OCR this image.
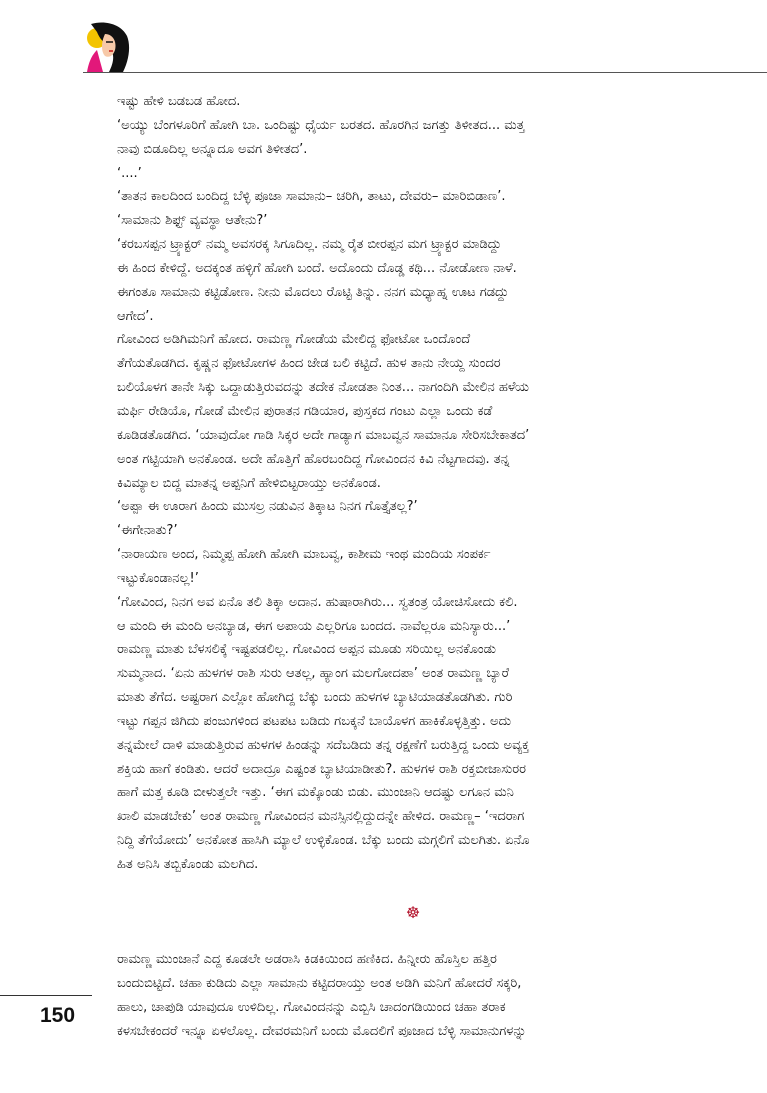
ಇಷ್ಟು ಹೇಳಿ ಬಡಬಡ ಹೋದ.
‘ಅಯ್ಯು ಬೆಂಗಳೂರಿಗೆ ಹೋಗಿ ಬಾ. ಒಂದಿಷ್ಟು ಧೈರ್ಯ ಬರತದ. ಹೊರಗಿನ ಜಗತ್ತು ತಿಳೀತದ... ಮತ್ತ
ನಾವು ಬಿಡೂದಿಲ್ಲ ಅನ್ನೂದೂ ಅವಗ ತಿಳೀತದ’.
‘....’
‘ತಾತನ ಕಾಲದಿಂದ ಬಂದಿದ್ದ ಬೆಳ್ಳಿ ಪೂಜಾ ಸಾಮಾನು– ಚರಿಗಿ, ತಾಟು, ದೇವರು– ಮಾರಿಬಿಡಾಣ’.
‘ಸಾಮಾನು ಶಿಫ್ಟ್ ವ್ಯವಸ್ಥಾ ಆತೇನು?’
‘ಕರಬಸಪ್ಪನ ಟ್ರ್ಯಾಕ್ಟರ್ ನಮ್ಮ ಅವಸರಕ್ಕ ಸಿಗೂದಿಲ್ಲ. ನಮ್ಮ ರೈತ ಬೀರಪ್ಪನ ಮಗ ಟ್ರ್ಯಾಕ್ಟರ ಮಾಡಿದ್ದು
ಈ ಹಿಂದ ಕೇಳಿದ್ದೆ. ಅದಕ್ಕಂತ ಹಳ್ಳಿಗೆ ಹೋಗಿ ಬಂದೆ. ಅದೊಂದು ದೊಡ್ಡ ಕಥಿ... ನೋಡೋಣ ನಾಳೆ.
ಈಗಂತೂ ಸಾಮಾನು ಕಟ್ಟಿಡೋಣ. ನೀನು ಮೊದಲು ರೊಟ್ಟಿ ತಿನ್ನು. ನನಗ ಮಧ್ಯಾಹ್ನ ಊಟ ಗಡದ್ದು
ಆಗೇದ’.
ಗೋವಿಂದ ಅಡಿಗಿಮನಿಗೆ ಹೋದ. ರಾಮಣ್ಣ ಗೋಡೆಯ ಮೇಲಿದ್ದ ಫೋಟೋ ಒಂದೊಂದೆ
ತೆಗೆಯತೊಡಗಿದ. ಕೃಷ್ಣನ ಫೋಟೋಗಳ ಹಿಂದ ಜೇಡ ಬಲಿ ಕಟ್ಟಿದೆ. ಹುಳ ತಾನು ನೇಯ್ದ ಸುಂದರ
ಬಲಿಯೊಳಗ ತಾನೇ ಸಿಕ್ಕು ಒದ್ದಾಡುತ್ತಿರುವದನ್ನು ತದೇಕ ನೋಡತಾ ನಿಂತ... ನಾಗಂದಿಗಿ ಮೇಲಿನ ಹಳೆಯ
ಮರ್ಫಿ ರೇಡಿಯೊ, ಗೋಡೆ ಮೇಲಿನ ಪುರಾತನ ಗಡಿಯಾರ, ಪುಸ್ತಕದ ಗಂಟು ಎಲ್ಲಾ ಒಂದು ಕಡೆ
ಕೂಡಿಡತೊಡಗಿದ. ‘ಯಾವುದೋ ಗಾಡಿ ಸಿಕ್ಕರ ಅದೇ ಗಾಡ್ಯಾಗ ಮಾಬವ್ವನ ಸಾಮಾನೂ ಸೇರಿಸಬೇಕಾತದ’
ಅಂತ ಗಟ್ಟಿಯಾಗಿ ಅನಕೊಂಡ. ಅದೇ ಹೊತ್ತಿಗೆ ಹೊರಬಂದಿದ್ದ ಗೋವಿಂದನ ಕಿವಿ ನೆಟ್ಟಗಾದವು. ತನ್ನ
ಕಿವಿಮ್ಯಾಲ ಬಿದ್ದ ಮಾತನ್ನ ಅಪ್ಪನಿಗೆ ಹೇಳಿಬಿಟ್ಟರಾಯ್ತು ಅನಕೊಂಡ.
‘ಅಪ್ಪಾ ಈ ಊರಾಗ ಹಿಂದು ಮುಸಲ್ರ ನಡುವಿನ ತಿಕ್ಕಾಟ ನಿನಗ ಗೊತ್ತೈತಲ್ಲ?’
‘ಈಗೇನಾತು?’
‘ನಾರಾಯಣ ಅಂದ, ನಿಮ್ಮಪ್ಪ ಹೋಗಿ ಹೋಗಿ ಮಾಬವ್ವ, ಕಾಶೀಮ ಇಂಥ ಮಂದಿಯ ಸಂಪರ್ಕ
ಇಟ್ಟುಕೊಂಡಾನಲ್ಲ!’
‘ಗೋವಿಂದ, ನಿನಗ ಅವ ಏನೊ ತಲಿ ತಿಕ್ಕಾ ಅದಾನ. ಹುಷಾರಾಗಿರು... ಸ್ವತಂತ್ರ ಯೋಚಿಸೋದು ಕಲಿ.
ಆ ಮಂದಿ ಈ ಮಂದಿ ಅನಬ್ಯಾಡ, ಈಗ ಅಪಾಯ ಎಲ್ಲರಿಗೂ ಬಂದದ. ನಾವೆಲ್ಲರೂ ಮನಿಸ್ಯಾರು...’
ರಾಮಣ್ಣ ಮಾತು ಬೆಳಸಲಿಕ್ಕೆ ಇಷ್ಟಪಡಲಿಲ್ಲ. ಗೋವಿಂದ ಅಪ್ಪನ ಮೂಡು ಸರಿಯಿಲ್ಲ ಅನಕೊಂಡು
ಸುಮ್ಮನಾದ. ‘ಏನು ಹುಳಗಳ ರಾಶಿ ಸುರು ಆತಲ್ಲ, ಹ್ಯಾಂಗ ಮಲಗೋದಪಾ’ ಅಂತ ರಾಮಣ್ಣ ಬ್ಯಾರೆ
ಮಾತು ತೆಗೆದ. ಅಷ್ಟರಾಗ ಎಲ್ಲೋ ಹೋಗಿದ್ದ ಬೆಕ್ಕು ಬಂದು ಹುಳಗಳ ಬ್ಯಾಟಿಯಾಡತೊಡಗಿತು. ಗುರಿ
ಇಟ್ಟು ಗಪ್ಪನ ಜಿಗಿದು ಪಂಜುಗಳಿಂದ ಪಟಪಟ ಬಡಿದು ಗಬಕ್ಕನೆ ಬಾಯೊಳಗ ಹಾಕಿಕೊಳ್ಳತ್ತಿತ್ತು. ಅದು
ತನ್ನಮೇಲೆ ದಾಳಿ ಮಾಡುತ್ತಿರುವ ಹುಳಗಳ ಹಿಂಡನ್ನು ಸದೆಬಡಿದು ತನ್ನ ರಕ್ಷಣೆಗೆ ಬರುತ್ತಿದ್ದ ಒಂದು ಅವ್ಯಕ್ತ
ಶಕ್ತಿಯ ಹಾಗೆ ಕಂಡಿತು. ಆದರೆ ಅದಾದ್ರೂ ಎಷ್ಟಂತ ಬ್ಯಾಟಿಯಾಡೀತು?. ಹುಳಗಳ ರಾಶಿ ರಕ್ತಬೀಜಾಸುರರ
ಹಾಗೆ ಮತ್ತ ಕೂಡಿ ಬೀಳುತ್ತಲೇ ಇತ್ತು. ‘ಈಗ ಮಕ್ಕೊಂಡು ಬಿಡು. ಮುಂಜಾನಿ ಆದಷ್ಟು ಲಗೂನ ಮನಿ
ಖಾಲಿ ಮಾಡಬೇಕು’ ಅಂತ ರಾಮಣ್ಣ ಗೋವಿಂದನ ಮನಸ್ಸಿನಲ್ಲಿದ್ದುದನ್ನೇ ಹೇಳಿದ. ರಾಮಣ್ಣ– ‘ಇದರಾಗ
ನಿದ್ದಿ ತೆಗೆಯೋದು’ ಅನಕೋತ ಹಾಸಿಗಿ ಮ್ಯಾಲೆ ಉಳ್ಳಿಕೊಂಡ. ಬೆಕ್ಕು ಬಂದು ಮಗ್ಗಲಿಗೆ ಮಲಗಿತು. ಏನೊ
ಹಿತ ಅನಿಸಿ ತಬ್ಬಿಕೊಂಡು ಮಲಗಿದ.
☸
ರಾಮಣ್ಣ ಮುಂಜಾನೆ ಎದ್ದ ಕೂಡಲೇ ಅಡರಾಸಿ ಕಿಡಕಿಯಿಂದ ಹಣಿಕಿದ. ಹಿನ್ನೀರು ಹೊಸ್ತಿಲ ಹತ್ತಿರ
ಬಂದುಬಿಟ್ಟಿದೆ. ಚಹಾ ಕುಡಿದು ಎಲ್ಲಾ ಸಾಮಾನು ಕಟ್ಟಿದರಾಯ್ತು ಅಂತ ಅಡಿಗಿ ಮನಿಗೆ ಹೋದರೆ ಸಕ್ಕರಿ,
ಹಾಲು, ಚಾಪುಡಿ ಯಾವುದೂ ಉಳಿದಿಲ್ಲ. ಗೋವಿಂದನನ್ನು ಎಬ್ಬಿಸಿ ಚಾದಂಗಡಿಯಿಂದ ಚಹಾ ತರಾಕ
ಕಳಸಬೇಕಂದರೆ ಇನ್ನೂ ಏಳಲೊಲ್ಲ. ದೇವರಮನಿಗೆ ಬಂದು ಮೊದಲಿಗೆ ಪೂಜಾದ ಬೆಳ್ಳಿ ಸಾಮಾನುಗಳನ್ನು
150
